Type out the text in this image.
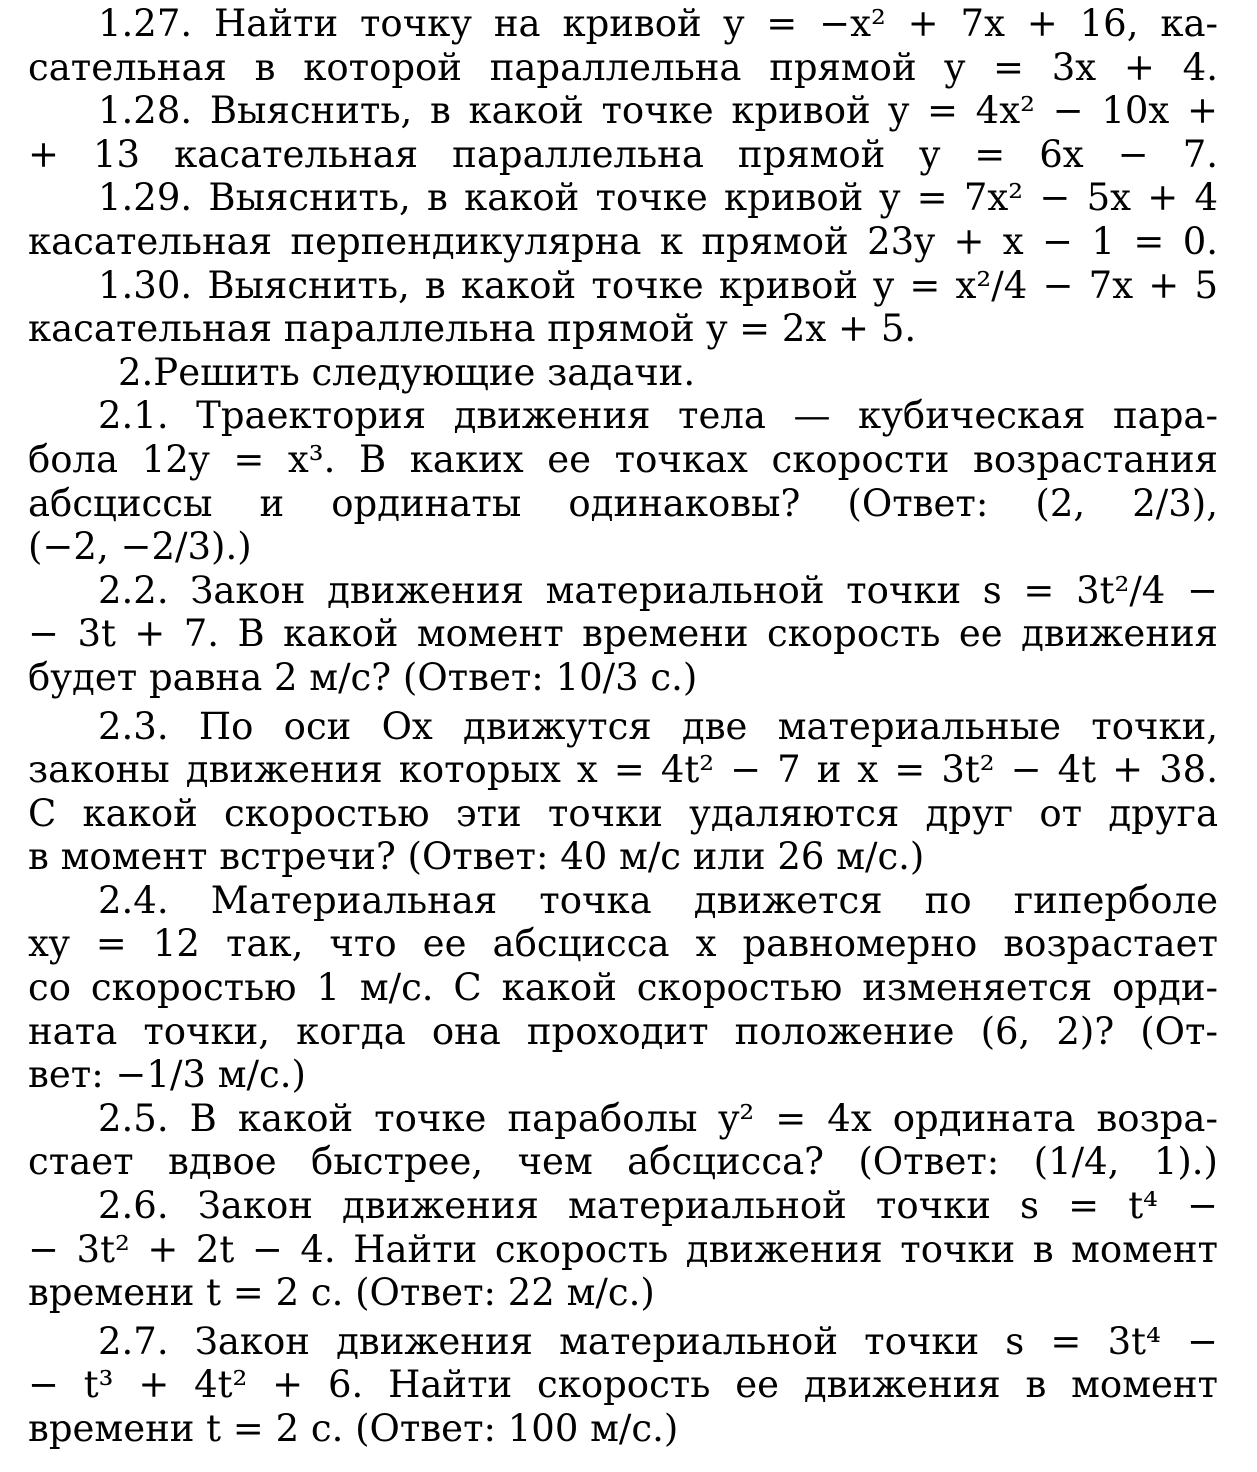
1.27. Найти точку на кривой y = −x² + 7x + 16, ка-
сательная в которой параллельна прямой y = 3x + 4.
1.28. Выяснить, в какой точке кривой y = 4x² − 10x +
+ 13 касательная параллельна прямой y = 6x − 7.
1.29. Выяснить, в какой точке кривой y = 7x² − 5x + 4
касательная перпендикулярна к прямой 23y + x − 1 = 0.
1.30. Выяснить, в какой точке кривой y = x²/4 − 7x + 5
касательная параллельна прямой y = 2x + 5.
2.Решить следующие задачи.
2.1. Траектория движения тела — кубическая пара-
бола 12y = x³. В каких ее точках скорости возрастания
абсциссы и ординаты одинаковы? (Ответ: (2, 2/3),
(−2, −2/3).)
2.2. Закон движения материальной точки s = 3t²/4 −
− 3t + 7. В какой момент времени скорость ее движения
будет равна 2 м/с? (Ответ: 10/3 с.)
2.3. По оси Ox движутся две материальные точки,
законы движения которых x = 4t² − 7 и x = 3t² − 4t + 38.
С какой скоростью эти точки удаляются друг от друга
в момент встречи? (Ответ: 40 м/с или 26 м/с.)
2.4. Материальная точка движется по гиперболе
xy = 12 так, что ее абсцисса x равномерно возрастает
со скоростью 1 м/с. С какой скоростью изменяется орди-
ната точки, когда она проходит положение (6, 2)? (От-
вет: −1/3 м/с.)
2.5. В какой точке параболы y² = 4x ордината возра-
стает вдвое быстрее, чем абсцисса? (Ответ: (1/4, 1).)
2.6. Закон движения материальной точки s = t⁴ −
− 3t² + 2t − 4. Найти скорость движения точки в момент
времени t = 2 с. (Ответ: 22 м/с.)
2.7. Закон движения материальной точки s = 3t⁴ −
− t³ + 4t² + 6. Найти скорость ее движения в момент
времени t = 2 с. (Ответ: 100 м/с.)
